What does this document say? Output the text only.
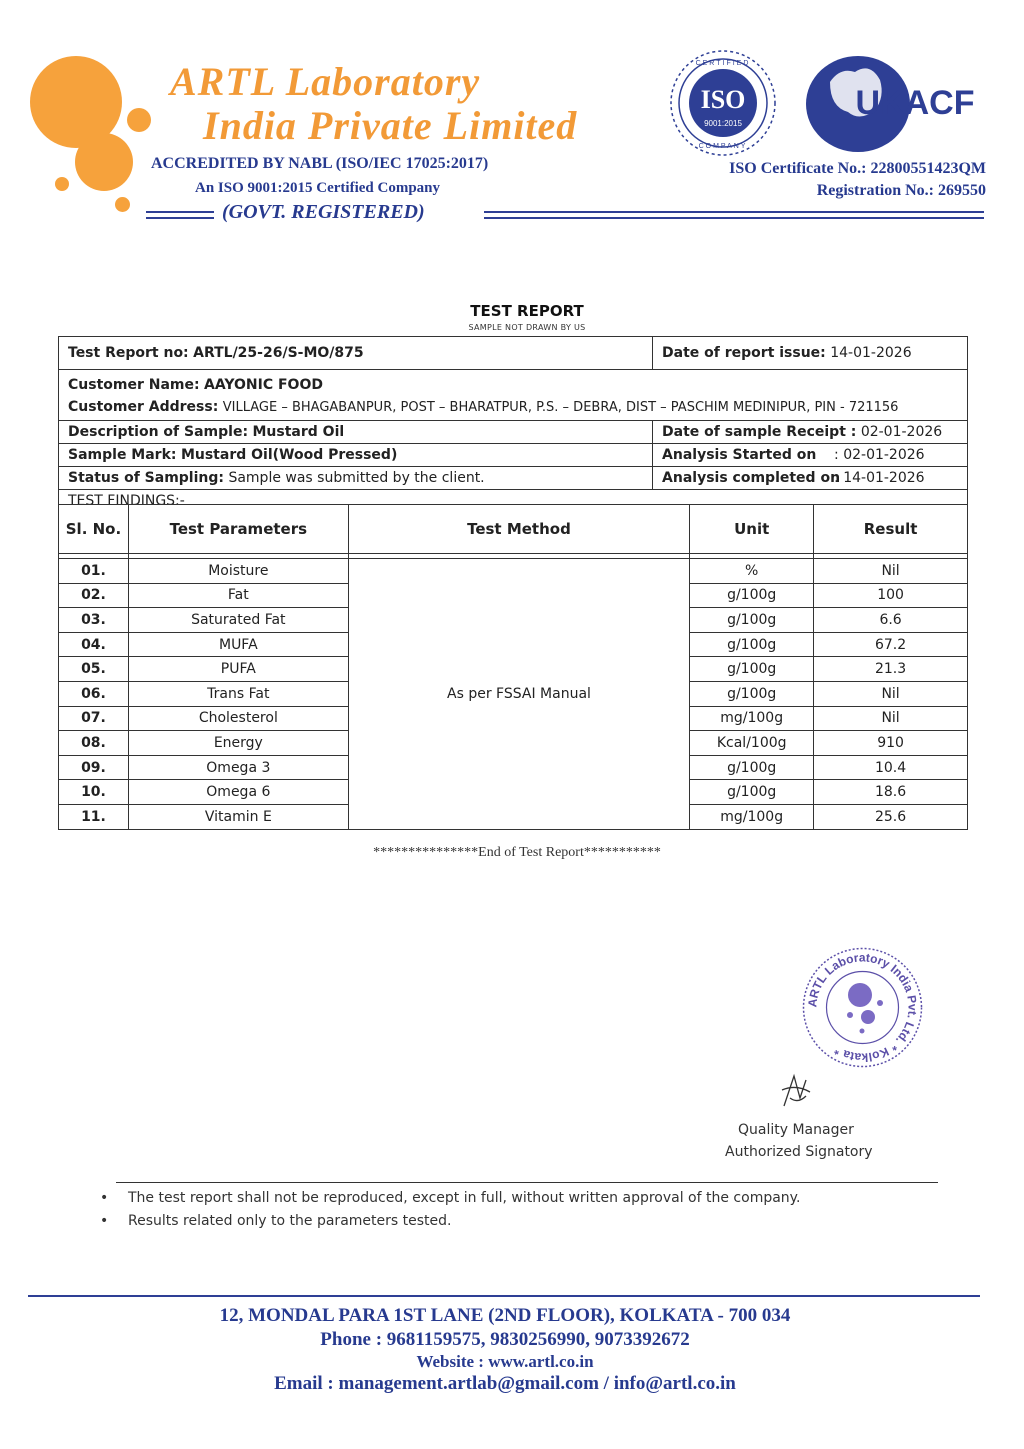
ARTL Laboratory
India Private Limited
ACCREDITED BY NABL (ISO/IEC 17025:2017)
An ISO 9001:2015 Certified Company
(GOVT. REGISTERED)
ISO
9001:2015
CERTIFIED
COMPANY
UKACF
ISO Certificate No.: 22800551423QM
Registration No.: 269550
TEST REPORT
SAMPLE NOT DRAWN BY US
Test Report no: ARTL/25-26/S-MO/875	Date of report issue: 14-01-2026

Customer Name: AAYONIC FOOD
Customer Address: VILLAGE – BHAGABANPUR, POST – BHARATPUR, P.S. – DEBRA, DIST – PASCHIM MEDINIPUR, PIN - 721156	

Description of Sample: Mustard Oil	Date of sample Receipt : 02-01-2026
Sample Mark: Mustard Oil(Wood Pressed)	Analysis Started on : 02-01-2026
Status of Sampling: Sample was submitted by the client.	Analysis completed on: 14-01-2026
TEST FINDINGS:-	
Sl. No.	Test Parameters	Test Method	Unit	Result

01.	Moisture	As per FSSAI Manual	%	Nil
02.	Fat		g/100g	100
03.	Saturated Fat		g/100g	6.6
04.	MUFA		g/100g	67.2
05.	PUFA		g/100g	21.3
06.	Trans Fat		g/100g	Nil
07.	Cholesterol		mg/100g	Nil
08.	Energy		Kcal/100g	910
09.	Omega 3		g/100g	10.4
10.	Omega 6		g/100g	18.6
11.	Vitamin E		mg/100g	25.6
***************End of Test Report***********
ARTL Laboratory India Pvt. Ltd. * Kolkata *
Quality Manager
Authorized Signatory
• The test report shall not be reproduced, except in full, without written approval of the company.
• Results related only to the parameters tested.
12, MONDAL PARA 1ST LANE (2ND FLOOR), KOLKATA - 700 034
Phone : 9681159575, 9830256990, 9073392672
Website : www.artl.co.in
Email : management.artlab@gmail.com / info@artl.co.in
